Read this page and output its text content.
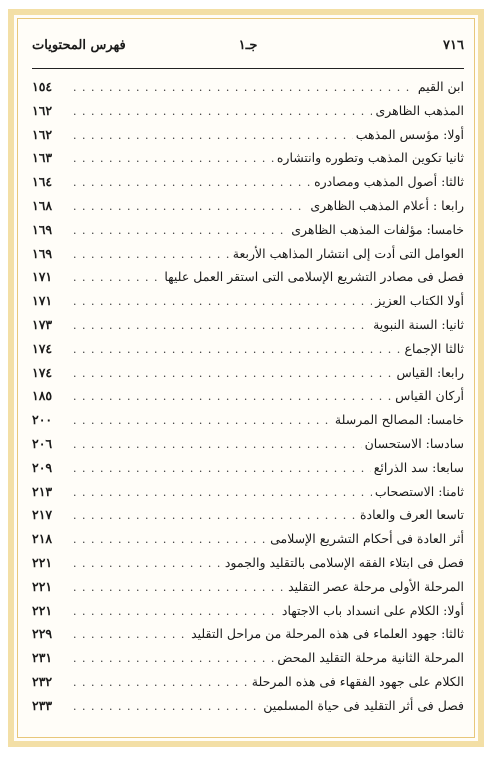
٧١٦
جـ١
فهرس المحتويات
ابن القيم
. . .
١٥٤
المذهب الظاهرى
. . .
١٦٢
أولا: مؤسس المذهب
. . .
١٦٢
ثانيا تكوين المذهب وتطوره وانتشاره
. . .
١٦٣
ثالثا: أصول المذهب ومصادره
. . .
١٦٤
رابعا : أعلام المذهب الظاهرى
. . .
١٦٨
خامسا: مؤلفات المذهب الظاهرى
. . .
١٦٩
العوامل التى أدت إلى انتشار المذاهب الأربعة
. . .
١٦٩
فصل فى مصادر التشريع الإسلامى التى استقر العمل عليها
. . .
١٧١
أولا الكتاب العزيز
. . .
١٧١
ثانيا: السنة النبوية
. . .
١٧٣
ثالثا الإجماع
. . .
١٧٤
رابعا: القياس
. . .
١٧٤
أركان القياس
. . .
١٨٥
خامسا: المصالح المرسلة
. . .
٢٠٠
سادسا: الاستحسان
. . .
٢٠٦
سابعا: سد الذرائع
. . .
٢٠٩
ثامنا: الاستصحاب
. . .
٢١٣
تاسعا العرف والعادة
. . .
٢١٧
أثر العادة فى أحكام التشريع الإسلامى
. . .
٢١٨
فصل فى ابتلاء الفقه الإسلامى بالتقليد والجمود
. . .
٢٢١
المرحلة الأولى مرحلة عصر التقليد
. . .
٢٢١
أولا: الكلام على انسداد باب الاجتهاد
. . .
٢٢١
ثالثا: جهود العلماء فى هذه المرحلة من مراحل التقليد
. . .
٢٢٩
المرحلة الثانية مرحلة التقليد المحض
. . .
٢٣١
الكلام على جهود الفقهاء فى هذه المرحلة
. . .
٢٣٢
فصل فى أثر التقليد فى حياة المسلمين
. . .
٢٣٣
